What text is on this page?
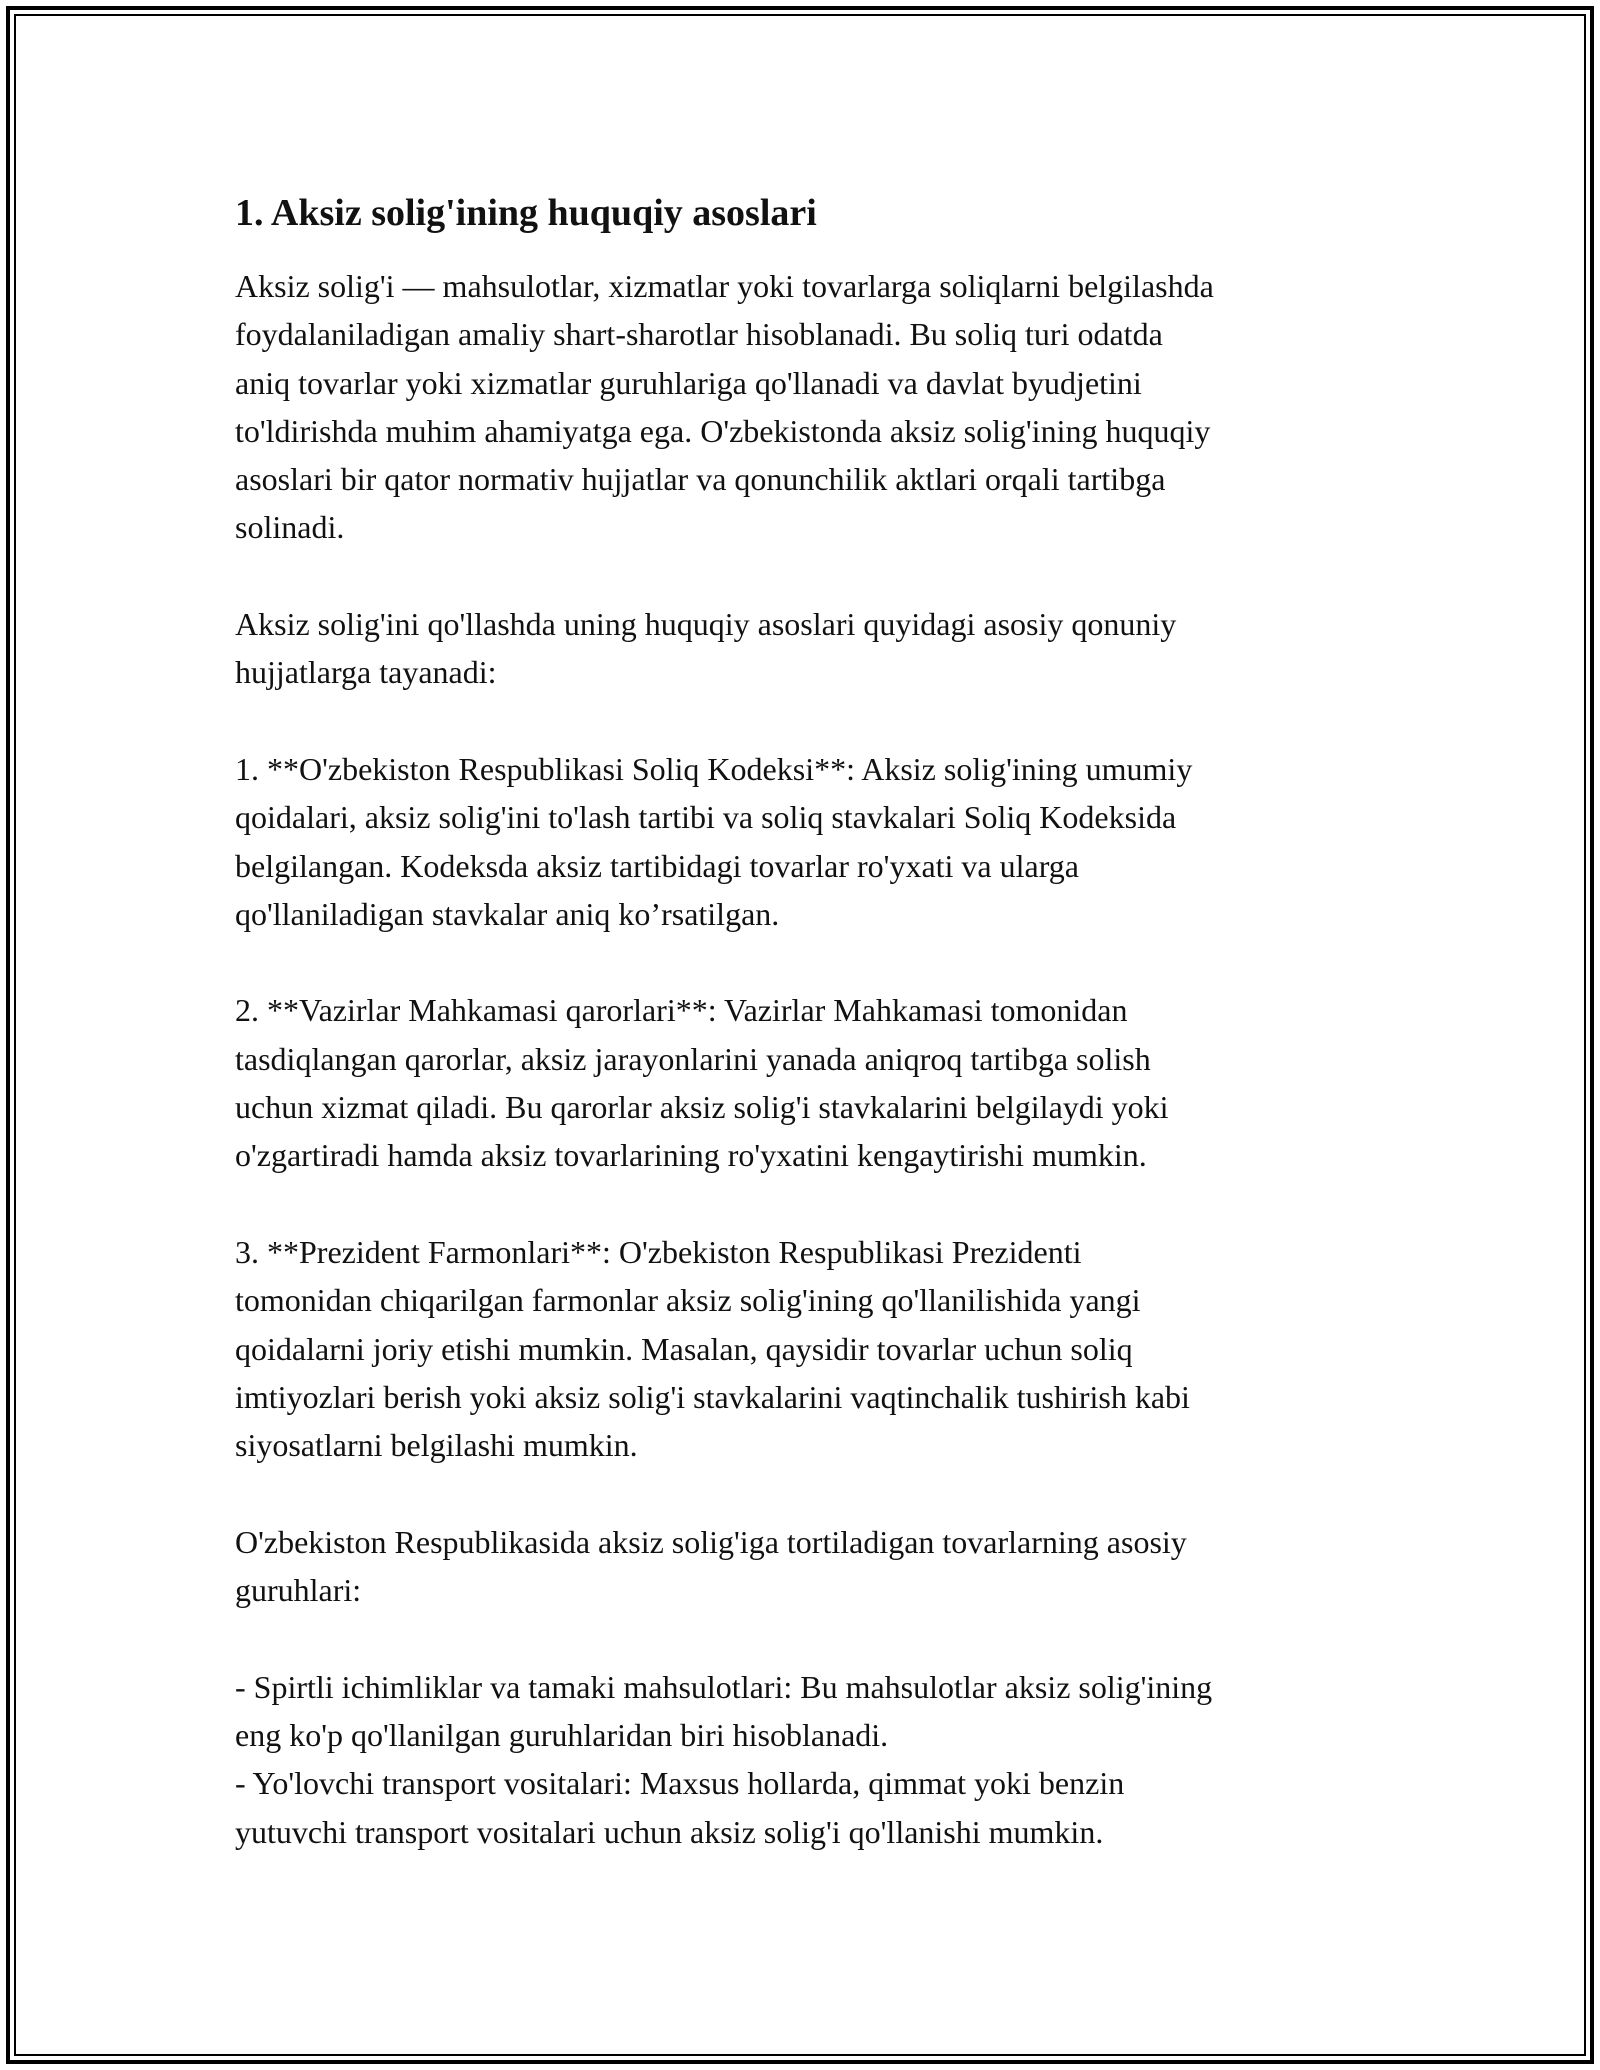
1. Aksiz solig'ining huquqiy asoslari

Aksiz solig'i — mahsulotlar, xizmatlar yoki tovarlarga soliqlarni belgilashda
foydalaniladigan amaliy shart-sharotlar hisoblanadi. Bu soliq turi odatda
aniq tovarlar yoki xizmatlar guruhlariga qo'llanadi va davlat byudjetini
to'ldirishda muhim ahamiyatga ega. O'zbekistonda aksiz solig'ining huquqiy
asoslari bir qator normativ hujjatlar va qonunchilik aktlari orqali tartibga
solinadi.

Aksiz solig'ini qo'llashda uning huquqiy asoslari quyidagi asosiy qonuniy
hujjatlarga tayanadi:

1. **O'zbekiston Respublikasi Soliq Kodeksi**: Aksiz solig'ining umumiy
qoidalari, aksiz solig'ini to'lash tartibi va soliq stavkalari Soliq Kodeksida
belgilangan. Kodeksda aksiz tartibidagi tovarlar ro'yxati va ularga
qo'llaniladigan stavkalar aniq ko’rsatilgan.

2. **Vazirlar Mahkamasi qarorlari**: Vazirlar Mahkamasi tomonidan
tasdiqlangan qarorlar, aksiz jarayonlarini yanada aniqroq tartibga solish
uchun xizmat qiladi. Bu qarorlar aksiz solig'i stavkalarini belgilaydi yoki
o'zgartiradi hamda aksiz tovarlarining ro'yxatini kengaytirishi mumkin.

3. **Prezident Farmonlari**: O'zbekiston Respublikasi Prezidenti
tomonidan chiqarilgan farmonlar aksiz solig'ining qo'llanilishida yangi
qoidalarni joriy etishi mumkin. Masalan, qaysidir tovarlar uchun soliq
imtiyozlari berish yoki aksiz solig'i stavkalarini vaqtinchalik tushirish kabi
siyosatlarni belgilashi mumkin.

O'zbekiston Respublikasida aksiz solig'iga tortiladigan tovarlarning asosiy
guruhlari:

- Spirtli ichimliklar va tamaki mahsulotlari: Bu mahsulotlar aksiz solig'ining
eng ko'p qo'llanilgan guruhlaridan biri hisoblanadi.
- Yo'lovchi transport vositalari: Maxsus hollarda, qimmat yoki benzin
yutuvchi transport vositalari uchun aksiz solig'i qo'llanishi mumkin.
